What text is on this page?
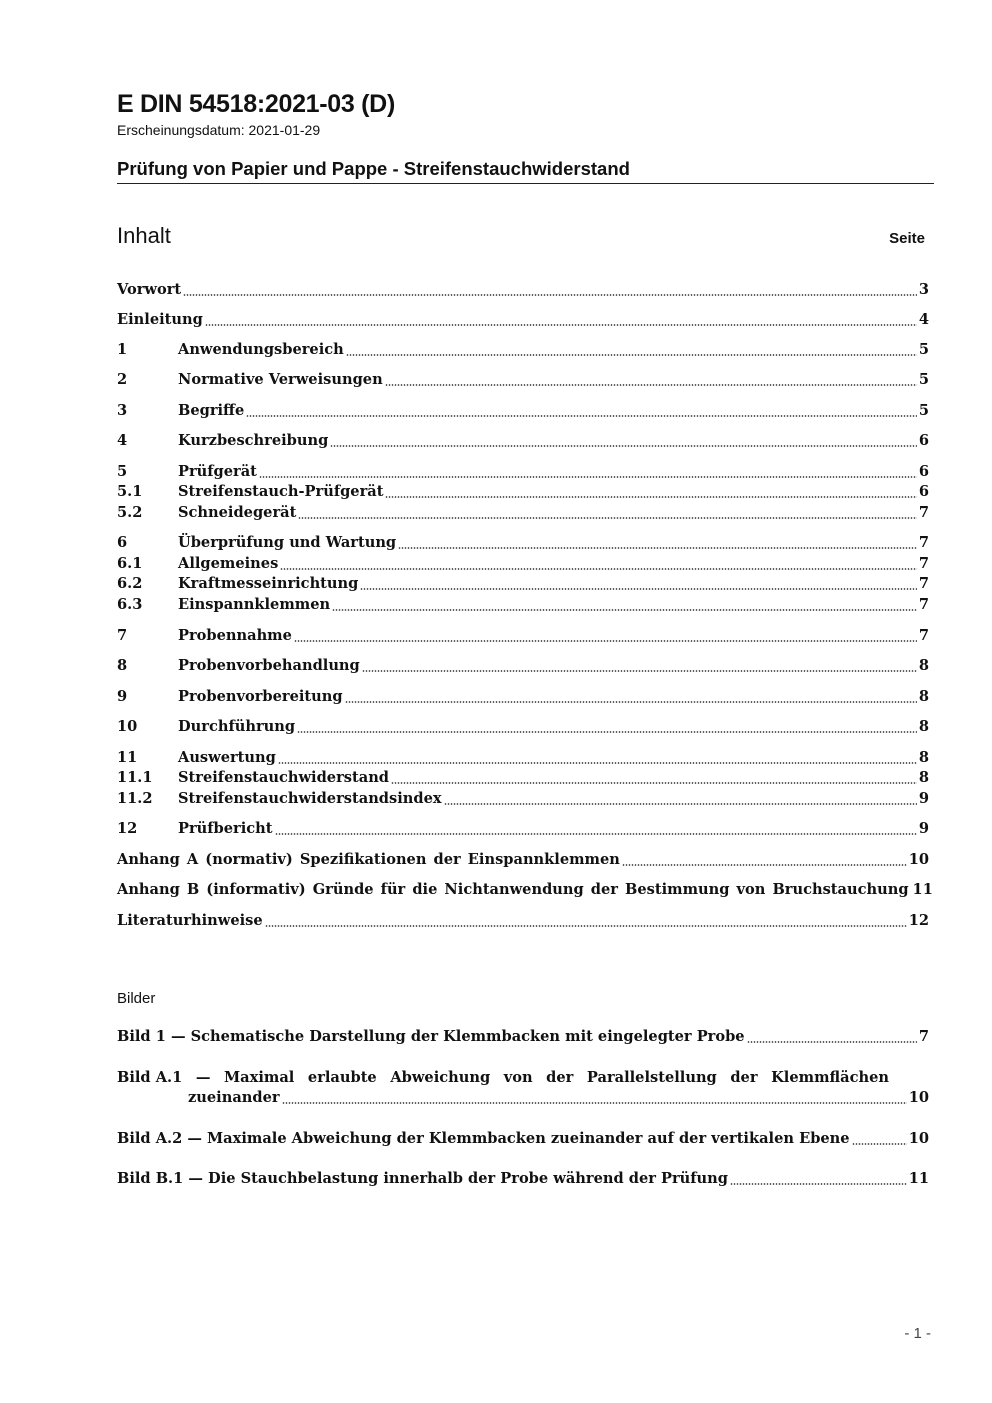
E DIN 54518:2021-03 (D)
Erscheinungsdatum: 2021-01-29
Prüfung von Papier und Pappe - Streifenstauchwiderstand
Inhalt	Seite
Vorwort	3
Einleitung	4
1	Anwendungsbereich	5
2	Normative Verweisungen	5
3	Begriffe	5
4	Kurzbeschreibung	6
5	Prüfgerät	6
5.1	Streifenstauch-Prüfgerät	6
5.2	Schneidegerät	7
6	Überprüfung und Wartung	7
6.1	Allgemeines	7
6.2	Kraftmesseinrichtung	7
6.3	Einspannklemmen	7
7	Probennahme	7
8	Probenvorbehandlung	8
9	Probenvorbereitung	8
10	Durchführung	8
11	Auswertung	8
11.1	Streifenstauchwiderstand	8
11.2	Streifenstauchwiderstandsindex	9
12	Prüfbericht	9
Anhang A (normativ) Spezifikationen der Einspannklemmen	10
Anhang B (informativ) Gründe für die Nichtanwendung der Bestimmung von Bruchstauchung 11
Literaturhinweise	12
Bilder
Bild 1 — Schematische Darstellung der Klemmbacken mit eingelegter Probe	7
Bild A.1 — Maximal erlaubte Abweichung von der Parallelstellung der Klemmflächen
zueinander	10
Bild A.2 — Maximale Abweichung der Klemmbacken zueinander auf der vertikalen Ebene	10
Bild B.1 — Die Stauchbelastung innerhalb der Probe während der Prüfung	11
- 1 -
